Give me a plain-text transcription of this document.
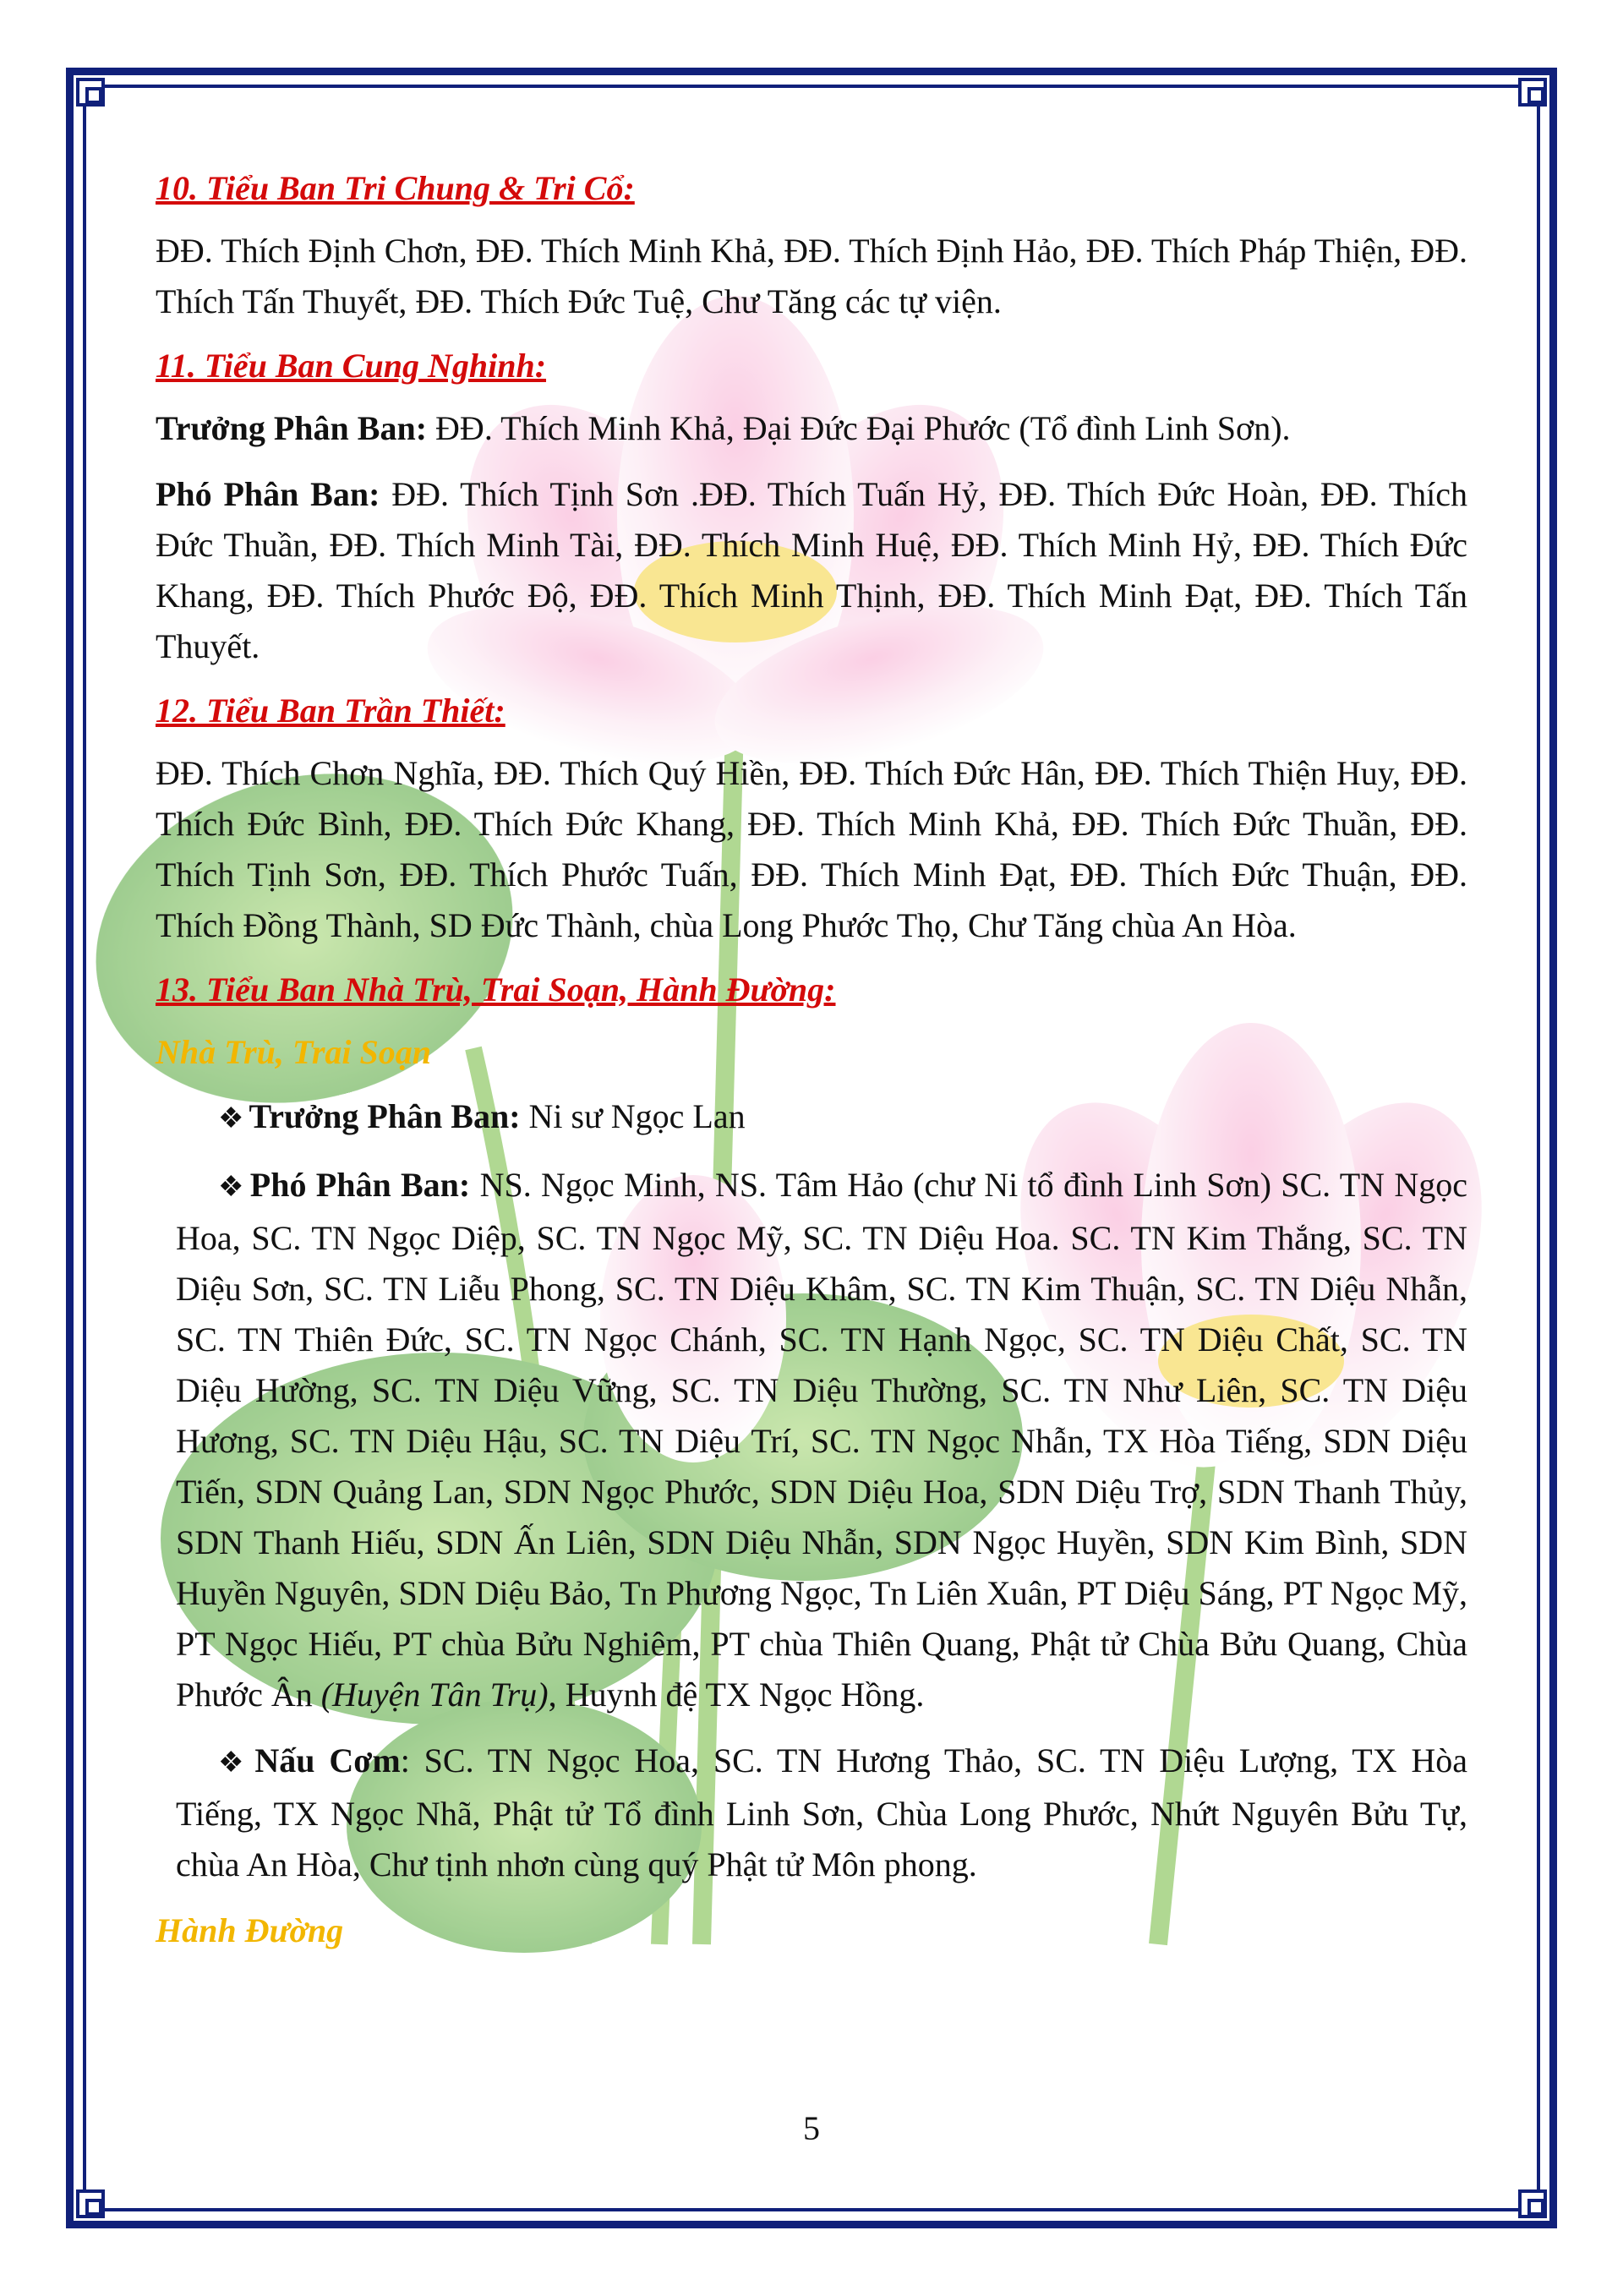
10. Tiểu Ban Tri Chung & Tri Cổ:

ĐĐ. Thích Định Chơn, ĐĐ. Thích Minh Khả, ĐĐ. Thích Định Hảo, ĐĐ. Thích Pháp Thiện, ĐĐ. Thích Tấn Thuyết, ĐĐ. Thích Đức Tuệ, Chư Tăng các tự viện.

11. Tiểu Ban Cung Nghinh:

Trưởng Phân Ban: ĐĐ. Thích Minh Khả, Đại Đức Đại Phước (Tổ đình Linh Sơn).

Phó Phân Ban: ĐĐ. Thích Tịnh Sơn .ĐĐ. Thích Tuấn Hỷ, ĐĐ. Thích Đức Hoàn, ĐĐ. Thích Đức Thuần, ĐĐ. Thích Minh Tài, ĐĐ. Thích Minh Huệ, ĐĐ. Thích Minh Hỷ, ĐĐ. Thích Đức Khang, ĐĐ. Thích Phước Độ, ĐĐ. Thích Minh Thịnh, ĐĐ. Thích Minh Đạt, ĐĐ. Thích Tấn Thuyết.

12. Tiểu Ban Trần Thiết:

ĐĐ. Thích Chơn Nghĩa, ĐĐ. Thích Quý Hiền, ĐĐ. Thích Đức Hân, ĐĐ. Thích Thiện Huy, ĐĐ. Thích Đức Bình, ĐĐ. Thích Đức Khang, ĐĐ. Thích Minh Khả, ĐĐ. Thích Đức Thuần, ĐĐ. Thích Tịnh Sơn, ĐĐ. Thích Phước Tuấn, ĐĐ. Thích Minh Đạt, ĐĐ. Thích Đức Thuận, ĐĐ. Thích Đồng Thành, SD Đức Thành, chùa Long Phước Thọ, Chư Tăng chùa An Hòa.

13. Tiểu Ban Nhà Trù, Trai Soạn, Hành Đường:
Nhà Trù, Trai Soạn

❖ Trưởng Phân Ban: Ni sư Ngọc Lan

❖ Phó Phân Ban: NS. Ngọc Minh, NS. Tâm Hảo (chư Ni tổ đình Linh Sơn) SC. TN Ngọc Hoa, SC. TN Ngọc Diệp, SC. TN Ngọc Mỹ, SC. TN Diệu Hoa. SC. TN Kim Thắng, SC. TN Diệu Sơn, SC. TN Liễu Phong, SC. TN Diệu Khâm, SC. TN Kim Thuận, SC. TN Diệu Nhẫn, SC. TN Thiên Đức, SC. TN Ngọc Chánh, SC. TN Hạnh Ngọc, SC. TN Diệu Chất, SC. TN Diệu Hường, SC. TN Diệu Vững, SC. TN Diệu Thường, SC. TN Như Liên, SC. TN Diệu Hương, SC. TN Diệu Hậu, SC. TN Diệu Trí, SC. TN Ngọc Nhẫn, TX Hòa Tiếng, SDN Diệu Tiến, SDN Quảng Lan, SDN Ngọc Phước, SDN Diệu Hoa, SDN Diệu Trợ, SDN Thanh Thủy, SDN Thanh Hiếu, SDN Ấn Liên, SDN Diệu Nhẫn, SDN Ngọc Huyền, SDN Kim Bình, SDN Huyền Nguyên, SDN Diệu Bảo, Tn Phương Ngọc, Tn Liên Xuân, PT Diệu Sáng, PT Ngọc Mỹ, PT Ngọc Hiếu, PT chùa Bửu Nghiêm, PT chùa Thiên Quang, Phật tử Chùa Bửu Quang, Chùa Phước Ân (Huyện Tân Trụ), Huynh đệ TX Ngọc Hồng.

❖ Nấu Cơm: SC. TN Ngọc Hoa, SC. TN Hương Thảo, SC. TN Diệu Lượng, TX Hòa Tiếng, TX Ngọc Nhã, Phật tử Tổ đình Linh Sơn, Chùa Long Phước, Nhứt Nguyên Bửu Tự, chùa An Hòa, Chư tịnh nhơn cùng quý Phật tử Môn phong.

Hành Đường
5
